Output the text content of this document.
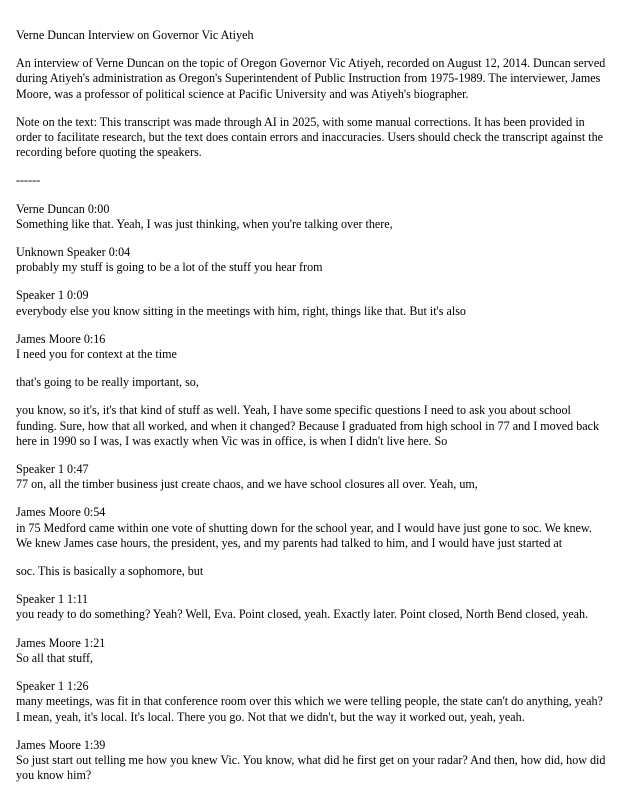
Verne Duncan Interview on Governor Vic Atiyeh

An interview of Verne Duncan on the topic of Oregon Governor Vic Atiyeh, recorded on August 12, 2014. Duncan served during Atiyeh's administration as Oregon's Superintendent of Public Instruction from 1975-1989. The interviewer, James Moore, was a professor of political science at Pacific University and was Atiyeh's biographer.

Note on the text: This transcript was made through AI in 2025, with some manual corrections. It has been provided in order to facilitate research, but the text does contain errors and inaccuracies. Users should check the transcript against the recording before quoting the speakers.

------

Verne Duncan 0:00
Something like that. Yeah, I was just thinking, when you're talking over there,
Unknown Speaker 0:04
probably my stuff is going to be a lot of the stuff you hear from
Speaker 1 0:09
everybody else you know sitting in the meetings with him, right, things like that. But it's also
James Moore 0:16
I need you for context at the time
that's going to be really important, so,
you know, so it's, it's that kind of stuff as well. Yeah, I have some specific questions I need to ask you about school funding. Sure, how that all worked, and when it changed? Because I graduated from high school in 77 and I moved back here in 1990 so I was, I was exactly when Vic was in office, is when I didn't live here. So
Speaker 1 0:47
77 on, all the timber business just create chaos, and we have school closures all over. Yeah, um,
James Moore 0:54
in 75 Medford came within one vote of shutting down for the school year, and I would have just gone to soc. We knew. We knew James case hours, the president, yes, and my parents had talked to him, and I would have just started at
soc. This is basically a sophomore, but
Speaker 1 1:11
you ready to do something? Yeah? Well, Eva. Point closed, yeah. Exactly later. Point closed, North Bend closed, yeah.
James Moore 1:21
So all that stuff,
Speaker 1 1:26
many meetings, was fit in that conference room over this which we were telling people, the state can't do anything, yeah? I mean, yeah, it's local. It's local. There you go. Not that we didn't, but the way it worked out, yeah, yeah.
James Moore 1:39
So just start out telling me how you knew Vic. You know, what did he first get on your radar? And then, how did, how did you know him?
